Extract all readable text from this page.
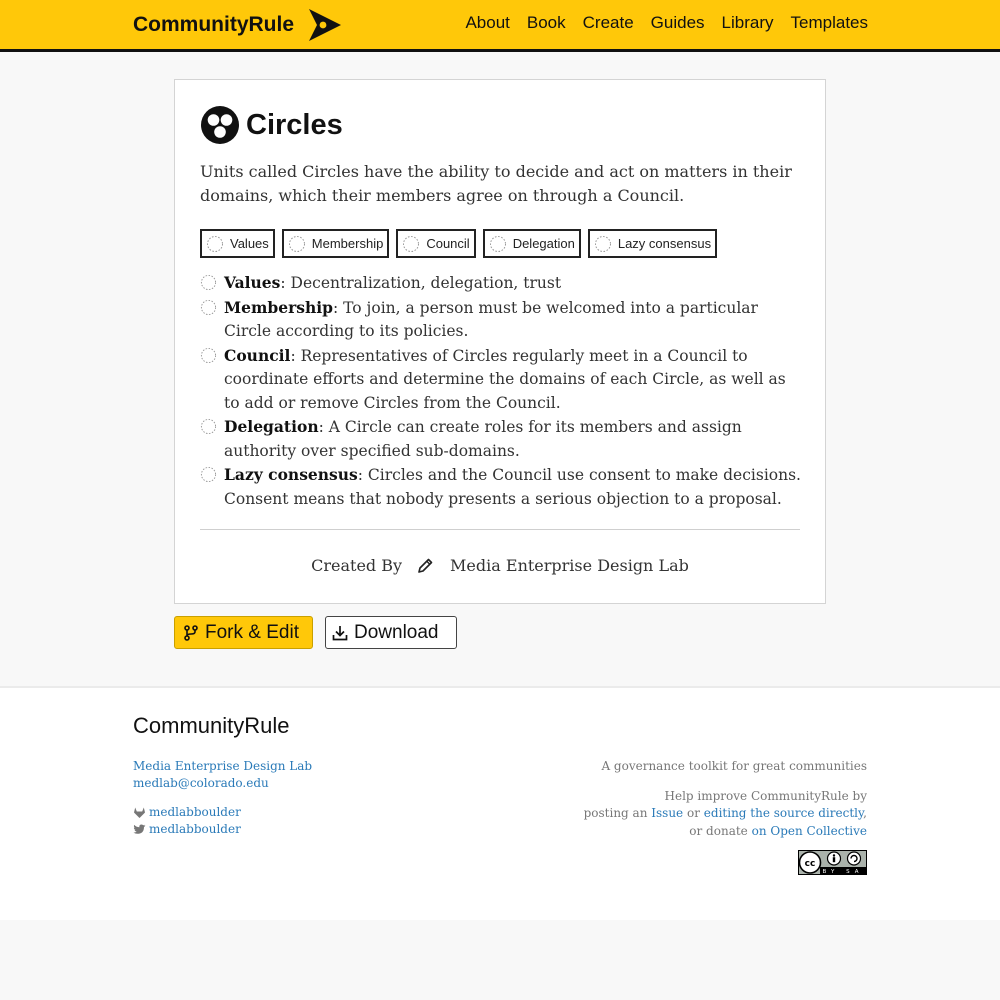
CommunityRule	About Book Create Guides Library Templates
Circles

Units called Circles have the ability to decide and act on matters in their domains, which their members agree on through a Council.

Values	Membership	Council	Delegation	Lazy consensus
Values: Decentralization, delegation, trust
Membership: To join, a person must be welcomed into a particular Circle according to its policies.
Council: Representatives of Circles regularly meet in a Council to coordinate efforts and determine the domains of each Circle, as well as to add or remove Circles from the Council.
Delegation: A Circle can create roles for its members and assign authority over specified sub-domains.
Lazy consensus: Circles and the Council use consent to make decisions. Consent means that nobody presents a serious objection to a proposal.
Created By	Media Enterprise Design Lab
Fork & Edit	Download
CommunityRule
Media Enterprise Design Lab
medlab@colorado.edu
medlabboulder
medlabboulder
A governance toolkit for great communities
Help improve CommunityRule by
posting an Issue or editing the source directly,
or donate on Open Collective
cc
BY SA
